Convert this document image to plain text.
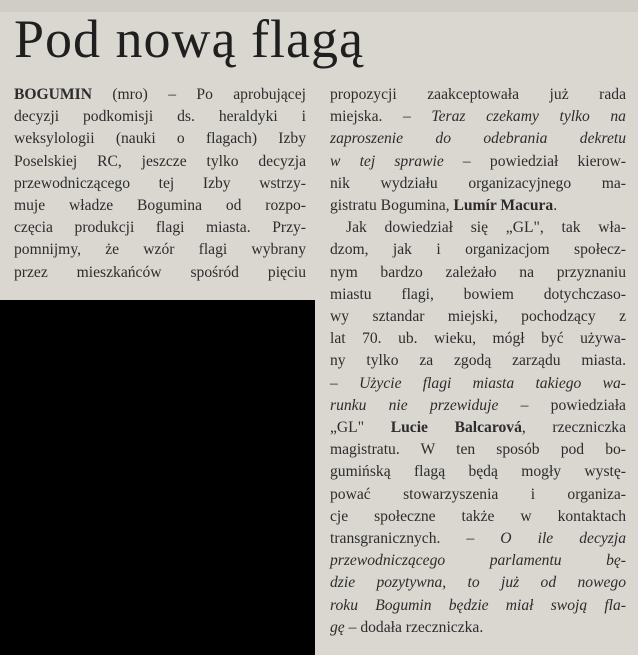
Pod nową flagą
BOGUMIN (mro) – Po aprobującej
decyzji podkomisji ds. heraldyki i
weksylologii (nauki o flagach) Izby
Poselskiej RC, jeszcze tylko decyzja
przewodniczącego tej Izby wstrzy-
muje władze Bogumina od rozpo-
częcia produkcji flagi miasta. Przy-
pomnijmy, że wzór flagi wybrany
przez mieszkańców spośród pięciu
propozycji zaakceptowała już rada
miejska. – Teraz czekamy tylko na
zaproszenie do odebrania dekretu
w tej sprawie – powiedział kierow-
nik wydziału organizacyjnego ma-
gistratu Bogumina, Lumír Macura.
Jak dowiedział się „GL", tak wła-
dzom, jak i organizacjom społecz-
nym bardzo zależało na przyznaniu
miastu flagi, bowiem dotychczaso-
wy sztandar miejski, pochodzący z
lat 70. ub. wieku, mógł być używa-
ny tylko za zgodą zarządu miasta.
– Użycie flagi miasta takiego wa-
runku nie przewiduje – powiedziała
„GL" Lucie Balcarová, rzeczniczka
magistratu. W ten sposób pod bo-
gumińską flagą będą mogły wystę-
pować stowarzyszenia i organiza-
cje społeczne także w kontaktach
transgranicznych. – O ile decyzja
przewodniczącego parlamentu bę-
dzie pozytywna, to już od nowego
roku Bogumin będzie miał swoją fla-
gę – dodała rzeczniczka.
